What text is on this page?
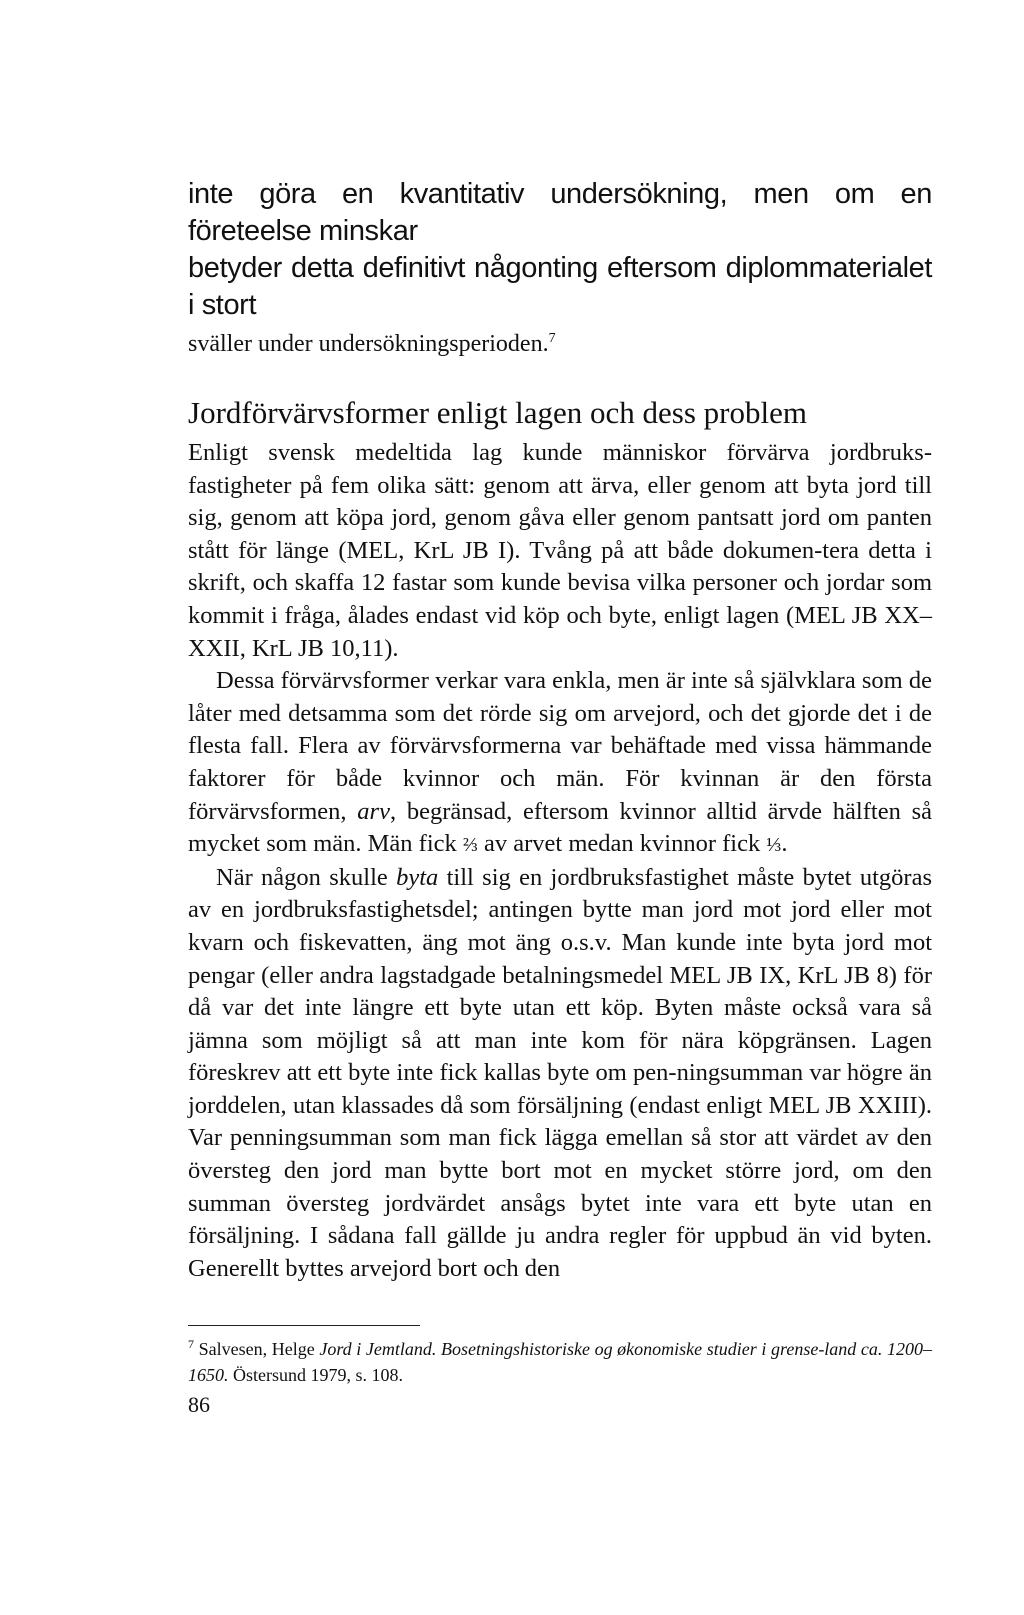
inte göra en kvantitativ undersökning, men om en företeelse minskar
betyder detta definitivt någonting eftersom diplommaterialet i stort
sväller under undersökningsperioden.$^7$

Jordförvärvsformer enligt lagen och dess problem

Enligt svensk medeltida lag kunde människor förvärva jordbruks-fastigheter på fem olika sätt: genom att ärva, eller genom att byta jord till sig, genom att köpa jord, genom gåva eller genom pantsatt jord om panten stått för länge (MEL, KrL JB I). Tvång på att både dokumen-tera detta i skrift, och skaffa 12 fastar som kunde bevisa vilka personer och jordar som kommit i fråga, ålades endast vid köp och byte, enligt lagen (MEL JB XX–XXII, KrL JB 10,11).

Dessa förvärvsformer verkar vara enkla, men är inte så självklara som de låter med detsamma som det rörde sig om arvejord, och det gjorde det i de flesta fall. Flera av förvärvsformerna var behäftade med vissa hämmande faktorer för både kvinnor och män. För kvinnan är den första förvärvsformen, arv, begränsad, eftersom kvinnor alltid ärvde hälften så mycket som män. Män fick ⅔ av arvet medan kvinnor fick ⅓.

När någon skulle byta till sig en jordbruksfastighet måste bytet utgöras av en jordbruksfastighetsdel; antingen bytte man jord mot jord eller mot kvarn och fiskevatten, äng mot äng o.s.v. Man kunde inte byta jord mot pengar (eller andra lagstadgade betalningsmedel MEL JB IX, KrL JB 8) för då var det inte längre ett byte utan ett köp. Byten måste också vara så jämna som möjligt så att man inte kom för nära köpgränsen. Lagen föreskrev att ett byte inte fick kallas byte om pen-ningsumman var högre än jorddelen, utan klassades då som försäljning (endast enligt MEL JB XXIII). Var penningsumman som man fick lägga emellan så stor att värdet av den översteg den jord man bytte bort mot en mycket större jord, om den summan översteg jordvärdet ansågs bytet inte vara ett byte utan en försäljning. I sådana fall gällde ju andra regler för uppbud än vid byten. Generellt byttes arvejord bort och den

$^7$ Salvesen, Helge Jord i Jemtland. Bosetningshistoriske og økonomiske studier i grense-land ca. 1200–1650. Östersund 1979, s. 108.

86
